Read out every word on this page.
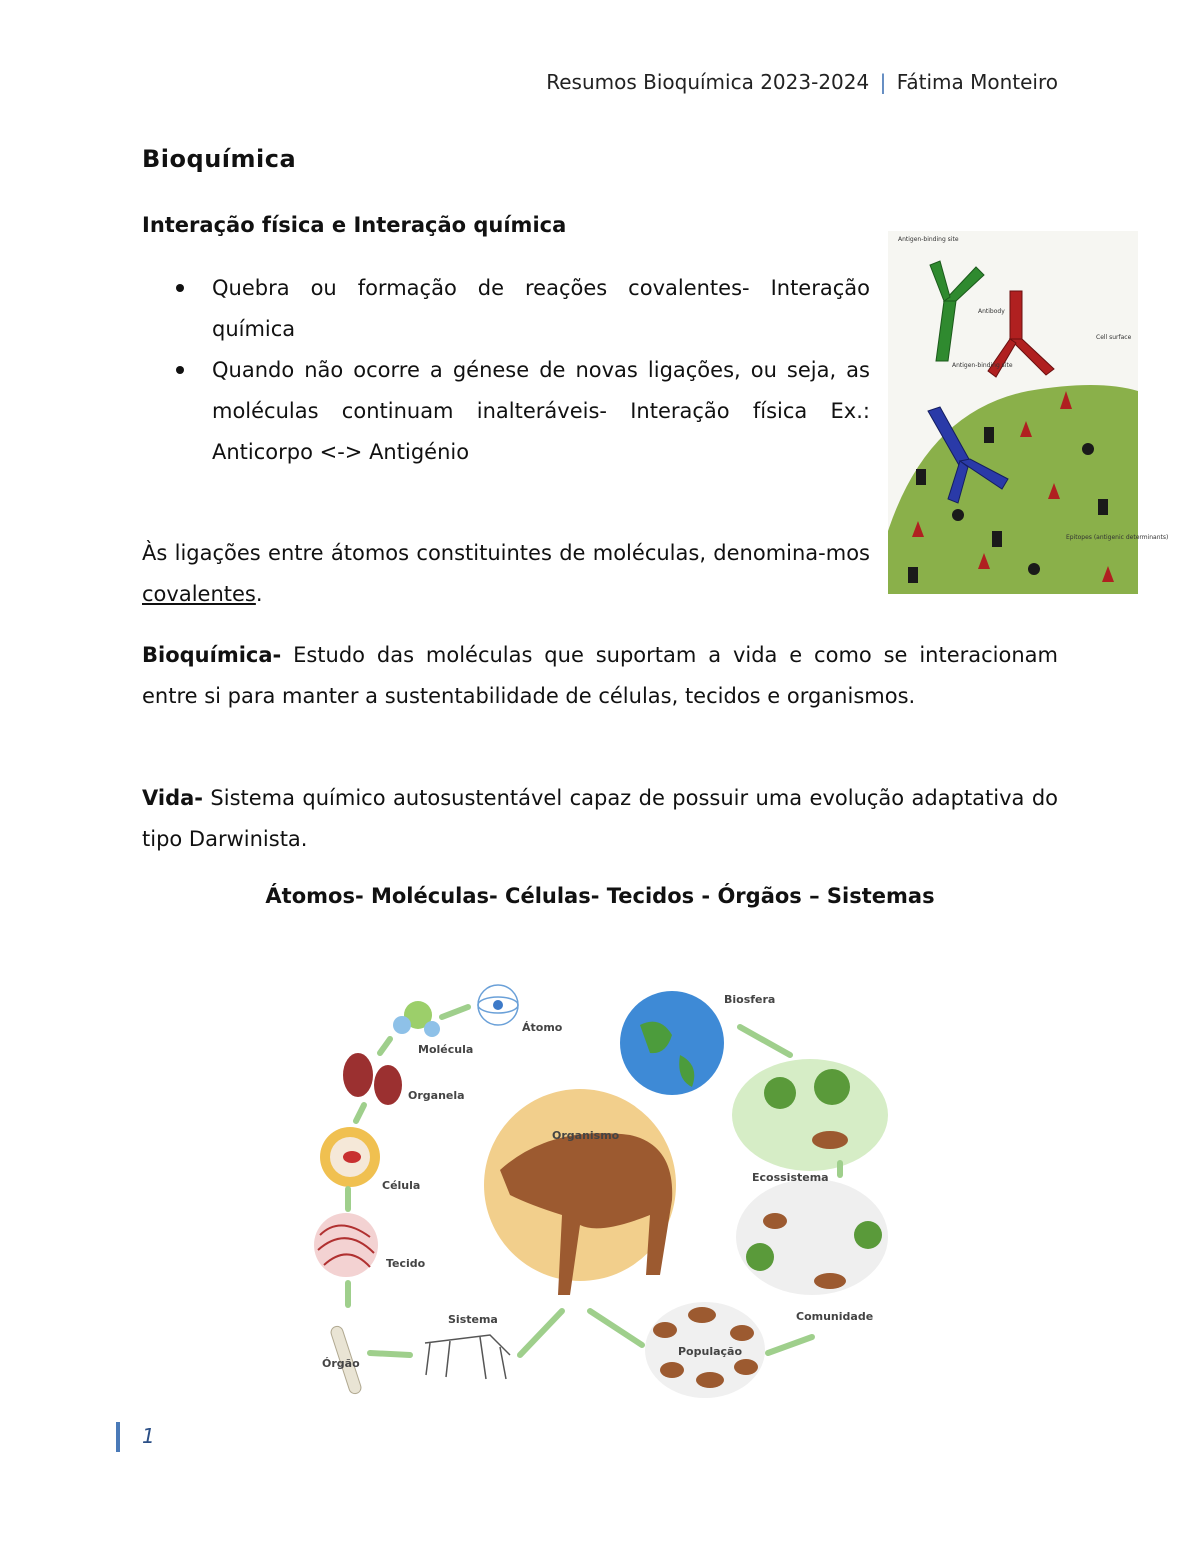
Resumos Bioquímica 2023-2024 | Fátima Monteiro
Bioquímica
Interação física e Interação química
Quebra ou formação de reações covalentes- Interação química
Quando não ocorre a génese de novas ligações, ou seja, as moléculas continuam inalteráveis- Interação física Ex.: Anticorpo <-> Antigénio

Às ligações entre átomos constituintes de moléculas, denomina-mos covalentes.

Bioquímica- Estudo das moléculas que suportam a vida e como se interacionam entre si para manter a sustentabilidade de células, tecidos e organismos.

Vida- Sistema químico autosustentável capaz de possuir uma evolução adaptativa do tipo Darwinista.

Átomos- Moléculas- Células- Tecidos - Órgãos – Sistemas
Antigen-binding site
Antibody
Antigen-binding site
Cell surface
Epitopes (antigenic determinants)
Átomo
Molécula
Organela
Célula
Tecido
Órgão
Sistema
Organismo
População
Comunidade
Ecossistema
Biosfera
1
